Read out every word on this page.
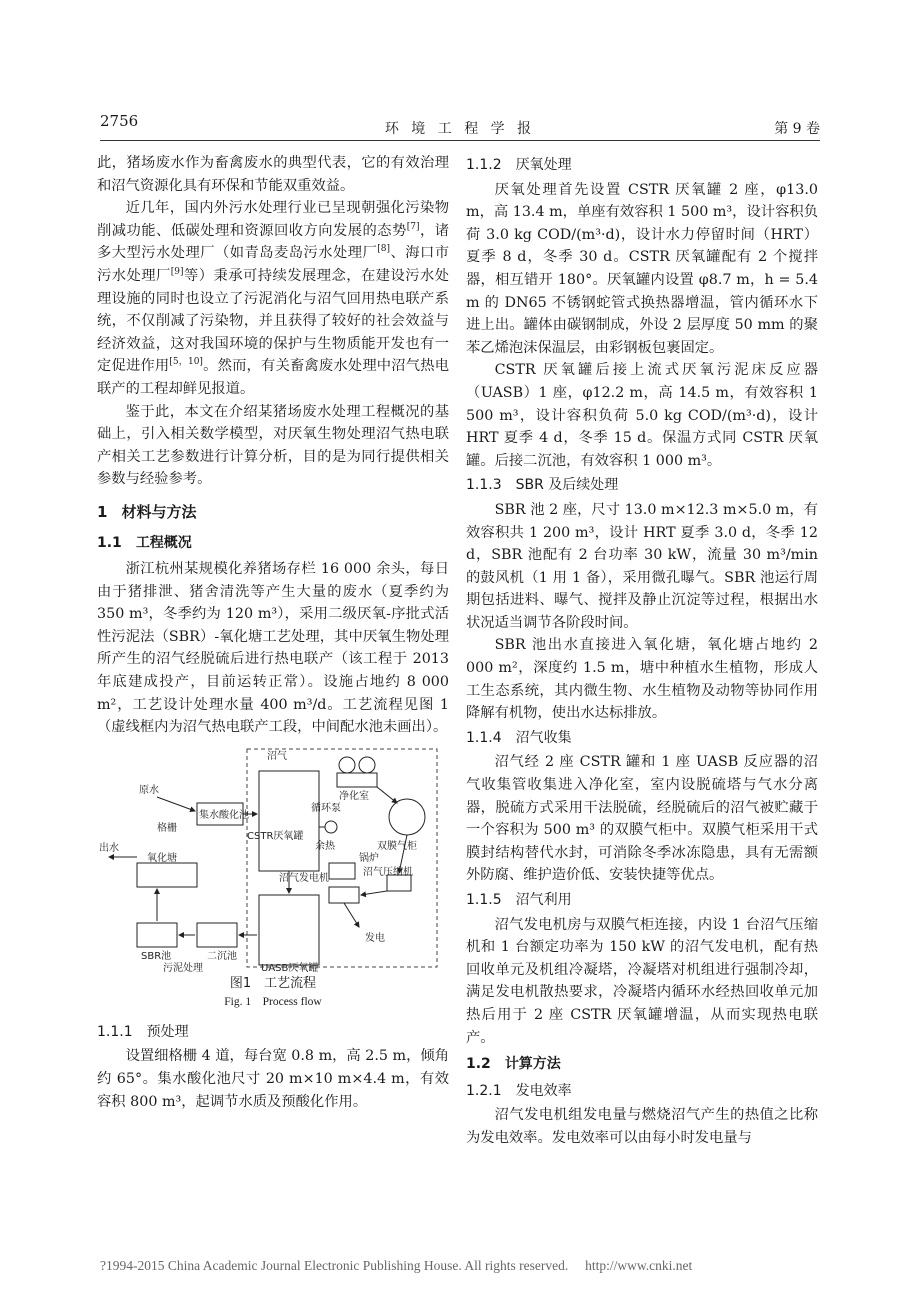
2756	环 境 工 程 学 报	第 9 卷

此，猪场废水作为畜禽废水的典型代表，它的有效治理和沼气资源化具有环保和节能双重效益。

近几年，国内外污水处理行业已呈现朝强化污染物削减功能、低碳处理和资源回收方向发展的态势[7]，诸多大型污水处理厂（如青岛麦岛污水处理厂[8]、海口市污水处理厂[9]等）秉承可持续发展理念，在建设污水处理设施的同时也设立了污泥消化与沼气回用热电联产系统，不仅削减了污染物，并且获得了较好的社会效益与经济效益，这对我国环境的保护与生物质能开发也有一定促进作用[5，10]。然而，有关畜禽废水处理中沼气热电联产的工程却鲜见报道。

鉴于此，本文在介绍某猪场废水处理工程概况的基础上，引入相关数学模型，对厌氧生物处理沼气热电联产相关工艺参数进行计算分析，目的是为同行提供相关参数与经验参考。

1 材料与方法
1.1 工程概况

浙江杭州某规模化养猪场存栏 16 000 余头，每日由于猪排泄、猪舍清洗等产生大量的废水（夏季约为 350 m³，冬季约为 120 m³），采用二级厌氧-序批式活性污泥法（SBR）-氧化塘工艺处理，其中厌氧生物处理所产生的沼气经脱硫后进行热电联产（该工程于 2013 年底建成投产，目前运转正常）。设施占地约 8 000 m²，工艺设计处理水量 400 m³/d。工艺流程见图 1（虚线框内为沼气热电联产工段，中间配水池未画出）。

沼气
净化室
原水
格栅
集水酸化池
循环泵
出水
氧化塘
CSTR厌氧罐
余热	双膜气柜
锅炉
沼气发电机
沼气压缩机
发电
SBR池
污泥处理
二沉池
UASB厌氧罐
图1　工艺流程
Fig. 1　Process flow
1.1.1 预处理

设置细格栅 4 道，每台宽 0.8 m，高 2.5 m，倾角约 65°。集水酸化池尺寸 20 m×10 m×4.4 m，有效容积 800 m³，起调节水质及预酸化作用。

1.1.2 厌氧处理

厌氧处理首先设置 CSTR 厌氧罐 2 座，φ13.0 m，高 13.4 m，单座有效容积 1 500 m³，设计容积负荷 3.0 kg COD/(m³·d)，设计水力停留时间（HRT）夏季 8 d，冬季 30 d。CSTR 厌氧罐配有 2 个搅拌器，相互错开 180°。厌氧罐内设置 φ8.7 m，h = 5.4 m 的 DN65 不锈钢蛇管式换热器增温，管内循环水下进上出。罐体由碳钢制成，外设 2 层厚度 50 mm 的聚苯乙烯泡沫保温层，由彩钢板包裹固定。

CSTR 厌氧罐后接上流式厌氧污泥床反应器（UASB）1 座，φ12.2 m，高 14.5 m，有效容积 1 500 m³，设计容积负荷 5.0 kg COD/(m³·d)，设计 HRT 夏季 4 d，冬季 15 d。保温方式同 CSTR 厌氧罐。后接二沉池，有效容积 1 000 m³。

1.1.3 SBR 及后续处理

SBR 池 2 座，尺寸 13.0 m×12.3 m×5.0 m，有效容积共 1 200 m³，设计 HRT 夏季 3.0 d，冬季 12 d，SBR 池配有 2 台功率 30 kW，流量 30 m³/min 的鼓风机（1 用 1 备），采用微孔曝气。SBR 池运行周期包括进料、曝气、搅拌及静止沉淀等过程，根据出水状况适当调节各阶段时间。

SBR 池出水直接进入氧化塘，氧化塘占地约 2 000 m²，深度约 1.5 m，塘中种植水生植物，形成人工生态系统，其内微生物、水生植物及动物等协同作用降解有机物，使出水达标排放。

1.1.4 沼气收集

沼气经 2 座 CSTR 罐和 1 座 UASB 反应器的沼气收集管收集进入净化室，室内设脱硫塔与气水分离器，脱硫方式采用干法脱硫，经脱硫后的沼气被贮藏于一个容积为 500 m³ 的双膜气柜中。双膜气柜采用干式膜封结构替代水封，可消除冬季冰冻隐患，具有无需额外防腐、维护造价低、安装快捷等优点。

1.1.5 沼气利用

沼气发电机房与双膜气柜连接，内设 1 台沼气压缩机和 1 台额定功率为 150 kW 的沼气发电机，配有热回收单元及机组冷凝塔，冷凝塔对机组进行强制冷却，满足发电机散热要求，冷凝塔内循环水经热回收单元加热后用于 2 座 CSTR 厌氧罐增温，从而实现热电联产。

1.2 计算方法
1.2.1 发电效率

沼气发电机组发电量与燃烧沼气产生的热值之比称为发电效率。发电效率可以由每小时发电量与

?1994-2015 China Academic Journal Electronic Publishing House. All rights reserved.　 http://www.cnki.net
